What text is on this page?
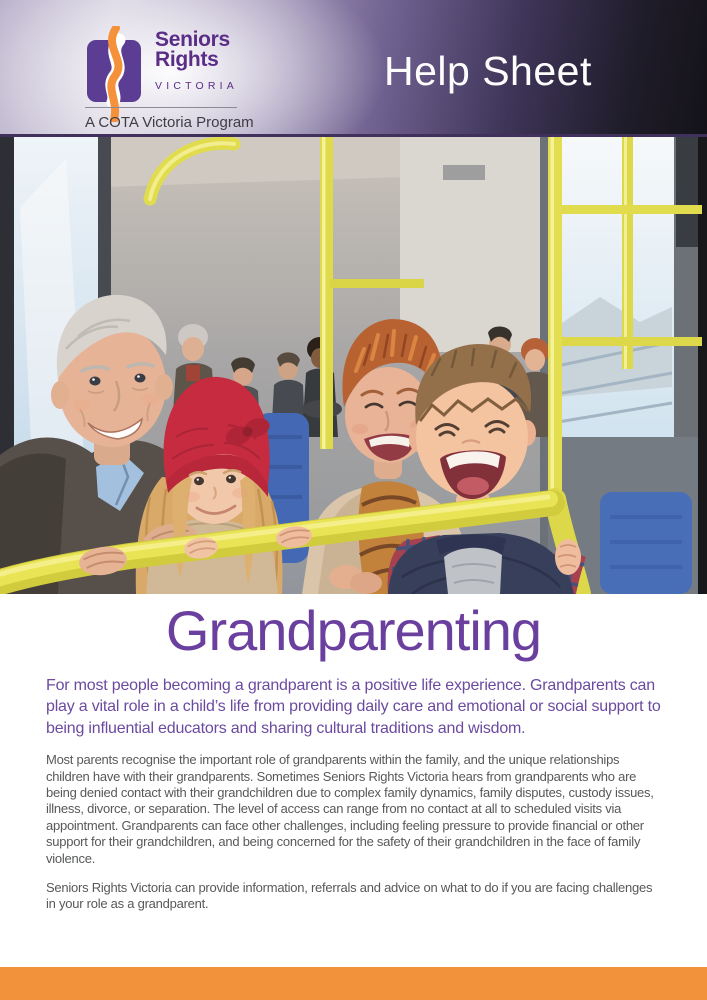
Seniors
Rights
VICTORIA
A COTA Victoria Program
Help Sheet
Grandparenting

For most people becoming a grandparent is a positive life experience. Grandparents can play a vital role in a child’s life from providing daily care and emotional or social support to being influential educators and sharing cultural traditions and wisdom.

Most parents recognise the important role of grandparents within the family, and the unique relationships children have with their grandparents. Sometimes Seniors Rights Victoria hears from grandparents who are being denied contact with their grandchildren due to complex family dynamics, family disputes, custody issues, illness, divorce, or separation. The level of access can range from no contact at all to scheduled visits via appointment. Grandparents can face other challenges, including feeling pressure to provide financial or other support for their grandchildren, and being concerned for the safety of their grandchildren in the face of family violence.

Seniors Rights Victoria can provide information, referrals and advice on what to do if you are facing challenges in your role as a grandparent.
